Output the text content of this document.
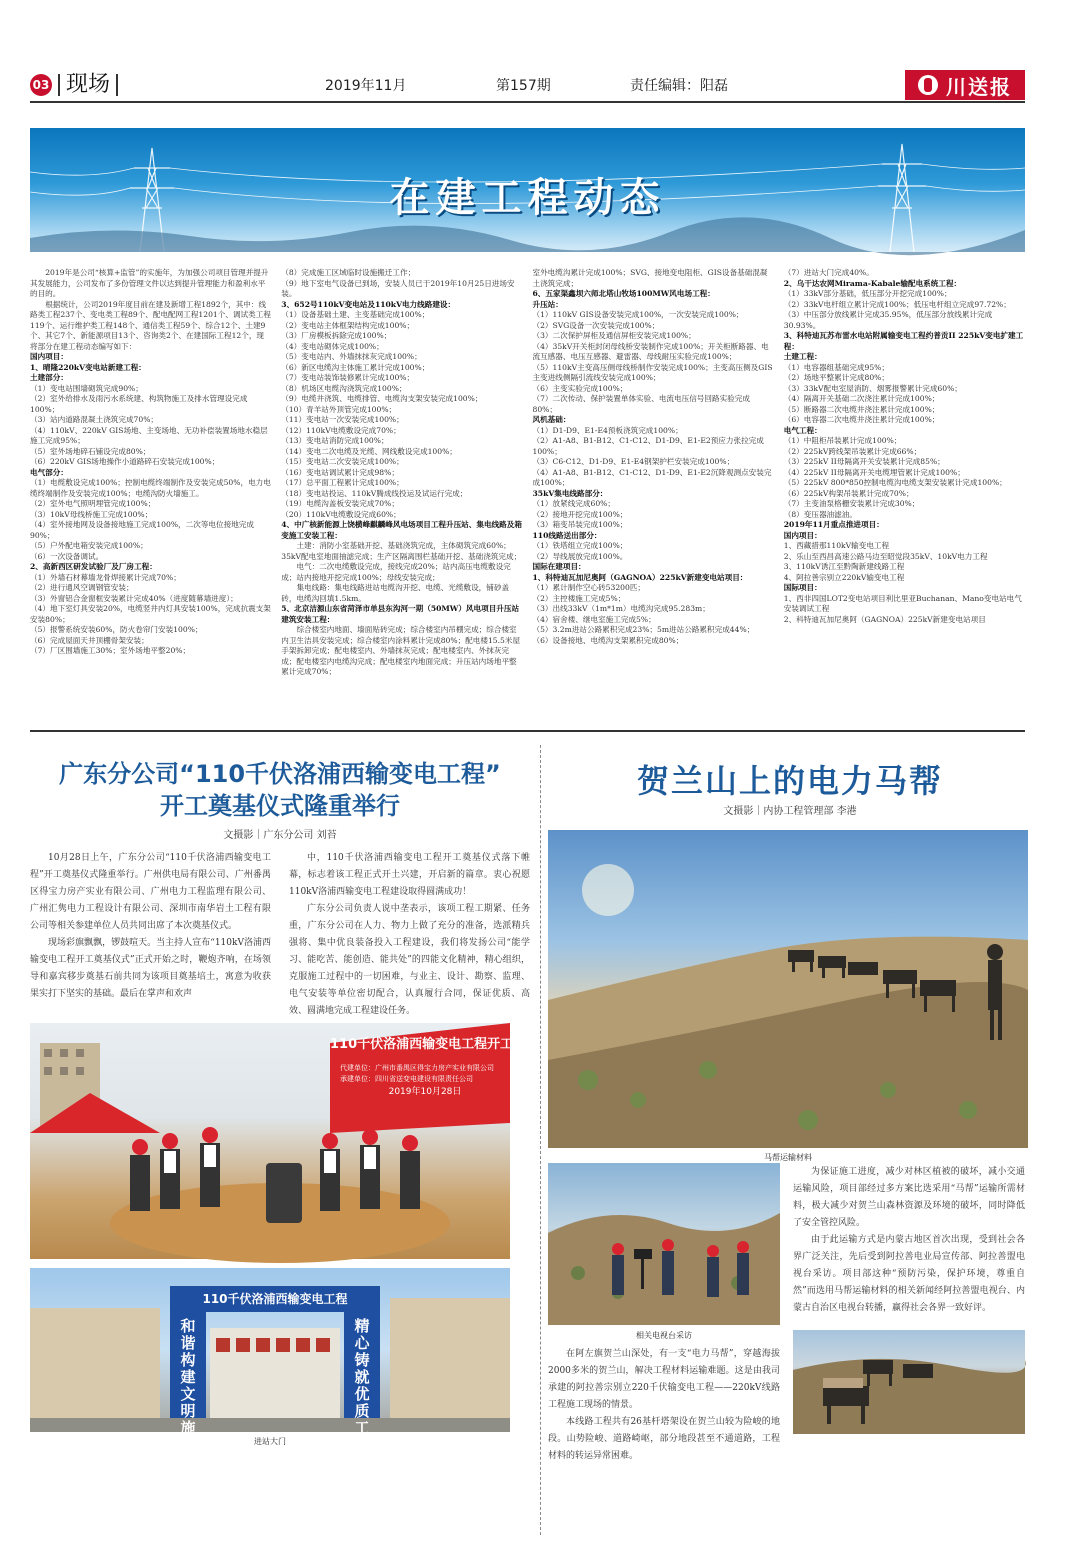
03 现场	2019年11月	第157期	责任编辑：阳磊	川送报
在建工程动态

2019年是公司“核算+监管”的实施年，为加强公司项目管理并提升其发展能力，公司发布了多份管理文件以达到提升管理能力和盈利水平的目的。

根据统计，公司2019年度目前在建及新增工程1892个，其中：线路类工程237个、变电类工程89个、配电配网工程1201个、调试类工程119个、运行维护类工程148个、通信类工程59个、综合12个、土建9个、其它7个、新能源项目13个、咨询类2个、在建国际工程12个，现将部分在建工程动态编写如下：

国内项目：

1、晴隆220kV变电站新建工程：

土建部分：

（1）变电站围墙砌筑完成90%；

（2）室外给排水及雨污水系统建、构筑物施工及排水管理设完成100%；

（3）站内道路混凝土浇筑完成70%；

（4）110kV、220kV GIS场地、主变场地、无功补偿装置场地水稳层施工完成95%；

（5）室外场地碎石铺设完成80%；

（6）220kV GIS场地操作小道路碎石安装完成100%；

电气部分：

（1）电缆敷设完成100%；控制电缆终端制作及安装完成50%，电力电缆终端制作及安装完成100%；电缆沟防火墙施工。

（2）室外电气照明埋管完成100%；

（3）10kV母线桥施工完成100%；

（4）室外接地网及设备接地施工完成100%，二次等电位接地完成90%；

（5）户外配电箱安装完成100%；

（6）一次设备调试。

2、高新西区研发试验厂及厂房工程：

（1）外墙石材幕墙龙骨焊接累计完成70%；

（2）进行通风空调钢管安装；

（3）外窗铝合金窗框安装累计完成40%（进度随幕墙进度）；

（4）地下室灯具安装20%，电缆竖井内灯具安装100%，完成抗震支架安装80%；

（5）报警系统安装60%，防火卷帘门安装100%；

（6）完成屋面天井顶棚骨架安装；

（7）厂区围墙施工30%；室外场地平整20%；

（8）完成施工区域临时设施搬迁工作；

（9）地下室电气设备已到场，安装人员已于2019年10月25日进场安装。

3、652号110kV变电站及110kV电力线路建设：

（1）设备基础土建、主变基础完成100%；

（2）变电站主体框架结构完成100%；

（3）厂房模板拆除完成100%；

（4）变电站砌体完成100%；

（5）变电站内、外墙抹抹灰完成100%；

（6）新区电缆沟主体施工累计完成100%；

（7）变电站装饰装修累计完成100%；

（8）机场区电缆沟浇筑完成100%；

（9）电缆井浇筑、电缆排管、电缆沟支架安装完成100%；

（10）青羊站外顶管完成100%；

（11）变电站一次安装完成100%；

（12）110kV电缆敷设完成70%；

（13）变电站消防完成100%；

（14）变电二次电缆及光缆、网线敷设完成100%；

（15）变电站二次安装完成100%；

（16）变电站调试累计完成98%；

（17）总平面工程累计完成100%；

（18）变电站投运、110kV腾成线投运及试运行完成；

（19）电缆沟盖板安装完成70%；

（20）110kV电缆敷设完成60%；

4、中广核新能源上饶横峰麒麟峰风电场项目工程升压站、集电线路及箱变施工安装工程：

土建：消防小室基础开挖、基础浇筑完成，主体砌筑完成60%；35kV配电室地面抽滤完成；生产区隔离围栏基础开挖、基础浇筑完成；

电气：二次电缆敷设完成，接线完成20%；站内高压电缆敷设完成；站内接地开挖完成100%；母线安装完成；

集电线路：集电线路进站电缆沟开挖、电缆、光缆敷设，铺砂盖砖，电缆沟回填1.5km。

5、北京洁源山东省菏泽市单县东沟河一期（50MW）风电项目升压站建筑安装工程：

综合楼室内地面、墙面贴砖完成；综合楼室内吊棚完成；综合楼室内卫生洁具安装完成；综合楼室内涂料累计完成80%；配电楼15.5米屋手架拆卸完成；配电楼室内、外墙抹灰完成；配电楼室内、外抹灰完成；配电楼室内电缆沟完成；配电楼室内地面完成；升压站内场地平整累计完成70%；

室外电缆沟累计完成100%；SVG、接地变电阻柜、GIS设备基础混凝土浇筑完成；

6、五家渠鑫坝六师北塔山牧场100MW风电场工程：

升压站：

（1）110kV GIS设备安装完成100%，一次安装完成100%；

（2）SVG设备一次安装完成100%；

（3）二次保护屏柜及通信屏柜安装完成100%；

（4）35kV开关柜封闭母线桥安装制作完成100%；开关柜断路器、电流互感器、电压互感器、避雷器、母线耐压实验完成100%；

（5）110kV主变高压侧母线桥制作安装完成100%；主变高压侧及GIS主变进线侧隔引流线安装完成100%；

（6）主变实验完成100%；

（7）二次传动、保护装置单体实验、电流电压信号回路实验完成80%；

风机基础：

（1）D1-D9、E1-E4预板浇筑完成100%；

（2）A1-A8、B1-B12、C1-C12、D1-D9、E1-E2预应力张拉完成100%；

（3）C6-C12、D1-D9、E1-E4钢架护栏安装完成100%；

（4）A1-A8、B1-B12、C1-C12、D1-D9、E1-E2沉降观测点安装完成100%；

35kV集电线路部分：

（1）放紧线完成60%；

（2）接地开挖完成100%；

（3）箱变吊装完成100%；

110线路送出部分：

（1）铁塔组立完成100%；

（2）导线展放完成100%。

国际在建项目：

1、科特迪瓦加尼奥阿（GAGNOA）225kV新建变电站项目：

（1）累计制作空心砖53200匹；

（2）主控楼施工完成5%；

（3）出线33kV（1m*1m）电缆沟完成95.283m；

（4）宿舍楼、继电室施工完成5%；

（5）3.2m进站公路累积完成23%；5m进站公路累积完成44%；

（6）设备接地、电缆沟支架累积完成80%；

（7）进站大门完成40%。

2、乌干达农网Mirama-Kabale输配电系统工程：

（1）33kV部分基础，低压部分开挖完成100%；

（2）33kV电杆组立累计完成100%；低压电杆组立完成97.72%；

（3）中压部分放线累计完成35.95%，低压部分放线累计完成30.93%。

3、科特迪瓦苏布雷水电站附属输变电工程约普贡II 225kV变电扩建工程：

土建工程：

（1）电容器组基础完成95%；

（2）场地平整累计完成80%；

（3）33kV配电室屋消防、烟雾报警累计完成60%；

（4）隔离开关基础二次浇注累计完成100%；

（5）断路器二次电缆井浇注累计完成100%；

（6）电容器二次电缆井浇注累计完成100%；

电气工程：

（1）中阻柜吊装累计完成100%；

（2）225kV跨线架吊装累计完成66%；

（3）225kV II母隔离开关安装累计完成85%；

（4）225kV II母隔离开关电缆埋管累计完成100%；

（5）225kV 800*850控制电缆沟电缆支架安装累计完成100%；

（6）225kV构架吊装累计完成70%；

（7）主变油泵格栅安装累计完成30%；

（8）变压器油滤油。

2019年11月重点推进项目：

国内项目：

1、西藏措那110kV输变电工程

2、乐山至西昌高速公路马边至昭觉段35kV、10kV电力工程

3、110kV诱江至黔陶新建线路工程

4、阿拉善宗别立220kV输变电工程

国际项目：

1、西非四国LOT2变电站项目利比里亚Buchanan、Mano变电站电气安装调试工程

2、科特迪瓦加尼奥阿（GAGNOA）225kV新建变电站项目

广东分公司“110千伏洛浦西输变电工程”
开工奠基仪式隆重举行
文摄影｜广东分公司 刘苔

10月28日上午，广东分公司“110千伏洛浦西输变电工程”开工奠基仪式隆重举行。广州供电局有限公司、广州番禺区得宝力房产实业有限公司、广州电力工程监理有限公司、广州汇隽电力工程设计有限公司、深圳市南华岩土工程有限公司等相关参建单位人员共同出席了本次奠基仪式。

现场彩旗飘飘，锣鼓喧天。当主持人宣布“110kV洛浦西输变电工程开工奠基仪式”正式开始之时，鞭炮齐响，在场领导和嘉宾移步奠基石前共同为该项目奠基培土，寓意为收获果实打下坚实的基础。最后在掌声和欢声

中，110千伏洛浦西输变电工程开工奠基仪式落下帷幕，标志着该工程正式开土兴建，开启新的篇章。衷心祝愿110kV洛浦西输变电工程建设取得圆满成功！

广东分公司负责人说中垄表示，该项工程工期紧、任务重，广东分公司在人力、物力上做了充分的准备，选派精兵强将、集中优良装备投入工程建设，我们将发扬公司“能学习、能吃苦、能创造、能共处”的四能文化精神，精心组织，克服施工过程中的一切困难，与业主、设计、勘察、监理、电气安装等单位密切配合，认真履行合同，保证优质、高效、圆满地完成工程建设任务。

110千伏洛浦西输变电工程开工奠
代建单位：广州市番禺区得宝力房产实业有限公司
承建单位：四川省送变电建设有限责任公司
2019年10月28日
110千伏洛浦西输变电工程
和谐构建文明施工
精心铸就优质工程
进站大门
贺兰山上的电力马帮
文摄影｜内协工程管理部 李港
马帮运输材料
相关电视台采访

在阿左旗贺兰山深处，有一支“电力马帮”，穿越海拔2000多米的贺兰山，解决工程材料运输难题。这是由我司承建的阿拉善宗别立220千伏输变电工程——220kV线路工程施工现场的情景。

本线路工程共有26基杆塔架设在贺兰山较为险峻的地段。山势险峻、道路崎岖，部分地段甚至不通道路，工程材料的转运异常困难。

为保证施工进度，减少对林区植被的破坏，减小交通运输风险，项目部经过多方案比选采用“马帮”运输所需材料，极大减少对贺兰山森林资源及环境的破坏，同时降低了安全管控风险。

由于此运输方式是内蒙古地区首次出现，受到社会各界广泛关注，先后受到阿拉善电业局宣传部、阿拉善盟电视台采访。项目部这种“预防污染，保护环境，尊重自然”而选用马帮运输材料的相关新闻经阿拉善盟电视台、内蒙古自治区电视台转播，赢得社会各界一致好评。
